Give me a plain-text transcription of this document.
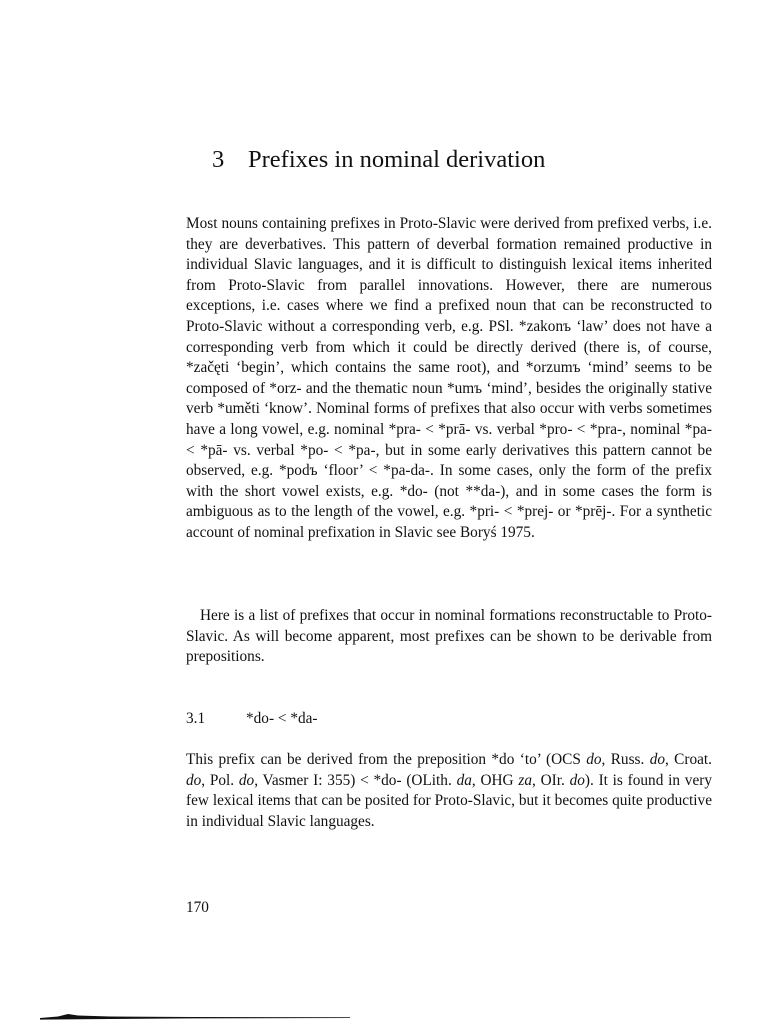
3 Prefixes in nominal derivation

Most nouns containing prefixes in Proto-Slavic were derived from prefixed verbs, i.e. they are deverbatives. This pattern of deverbal formation remained productive in individual Slavic languages, and it is difficult to distinguish lexical items inherited from Proto-Slavic from parallel innovations. However, there are numerous exceptions, i.e. cases where we find a prefixed noun that can be reconstructed to Proto-Slavic without a corresponding verb, e.g. PSl. *zakonъ ‘law’ does not have a corresponding verb from which it could be directly derived (there is, of course, *začęti ‘begin’, which contains the same root), and *orzumъ ‘mind’ seems to be composed of *orz- and the thematic noun *umъ ‘mind’, besides the originally stative verb *uměti ‘know’. Nominal forms of prefixes that also occur with verbs sometimes have a long vowel, e.g. nominal *pra- < *prā- vs. verbal *pro- < *pra-, nominal *pa- < *pā- vs. verbal *po- < *pa-, but in some early derivatives this pattern cannot be observed, e.g. *podъ ‘floor’ < *pa-da-. In some cases, only the form of the prefix with the short vowel exists, e.g. *do- (not **da-), and in some cases the form is ambiguous as to the length of the vowel, e.g. *pri- < *prej- or *prēj-. For a synthetic account of nominal prefixation in Slavic see Boryś 1975.

Here is a list of prefixes that occur in nominal formations reconstructable to Proto-Slavic. As will become apparent, most prefixes can be shown to be derivable from prepositions.

3.1	*do- < *da-

This prefix can be derived from the preposition *do ‘to’ (OCS do, Russ. do, Croat. do, Pol. do, Vasmer I: 355) < *do- (OLith. da, OHG za, OIr. do). It is found in very few lexical items that can be posited for Proto-Slavic, but it becomes quite productive in individual Slavic languages.

170
